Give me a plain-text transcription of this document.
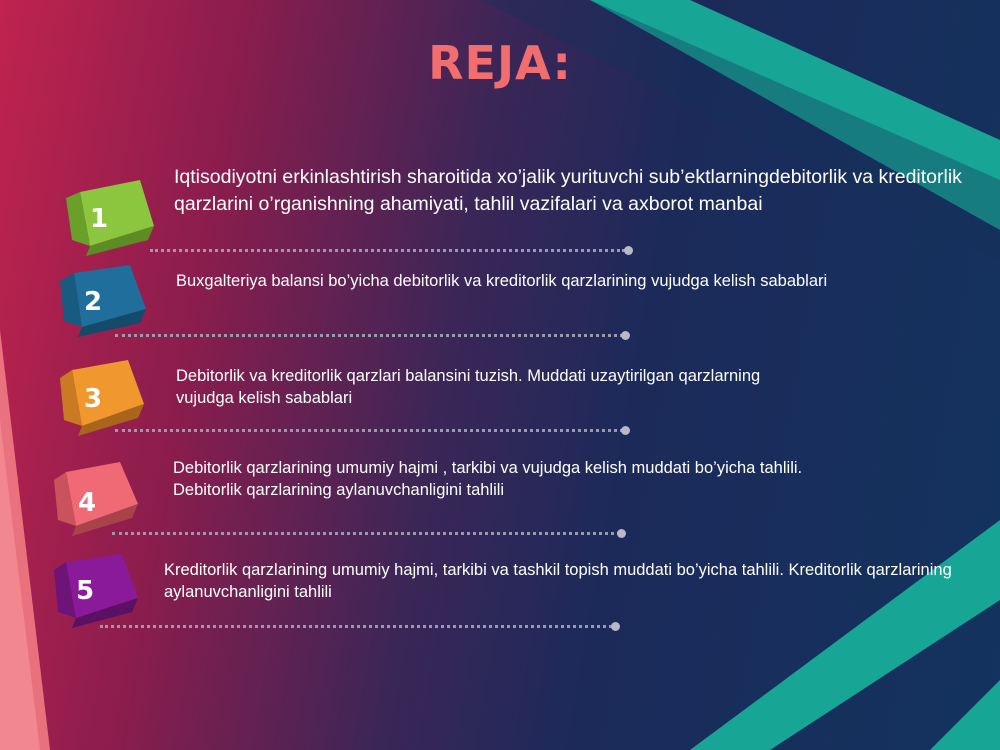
REJA:
1
Iqtisodiyotni erkinlashtirish sharoitida xo’jalik yurituvchi sub’ektlarningdebitorlik va kreditorlik qarzlarini o’rganishning ahamiyati, tahlil vazifalari va axborot manbai
2
Buxgalteriya balansi bo’yicha debitorlik va kreditorlik qarzlarining vujudga kelish sabablari
3
Debitorlik va kreditorlik qarzlari balansini tuzish. Muddati uzaytirilgan qarzlarning vujudga kelish sabablari
4
Debitorlik qarzlarining umumiy hajmi , tarkibi va vujudga kelish muddati bo’yicha tahlili. Debitorlik qarzlarining aylanuvchanligini tahlili
5
Kreditorlik qarzlarining umumiy hajmi, tarkibi va tashkil topish muddati bo’yicha tahlili. Kreditorlik qarzlarining aylanuvchanligini tahlili
